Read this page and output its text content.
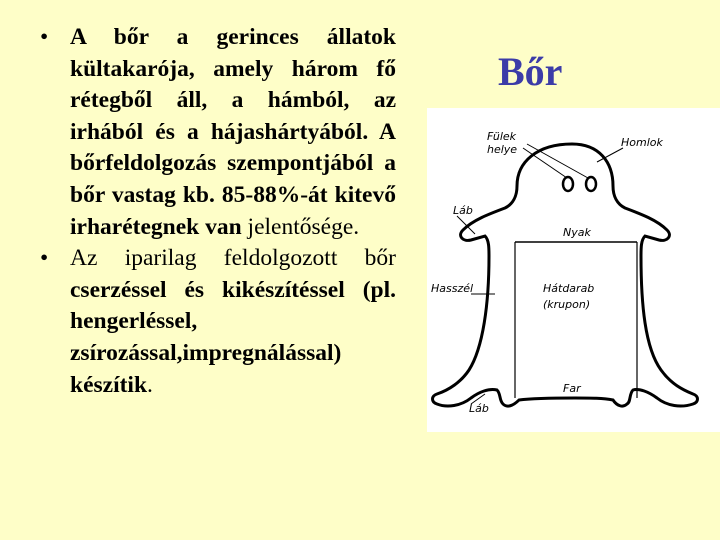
• A bőr a gerinces állatok kültakarója, amely három fő rétegből áll, a hámból, az irhából és a hájashártyából. A bőrfeldolgozás szempontjából a bőr vastag kb. 85-88%-át kitevő irharétegnek van jelentősége.
• Az iparilag feldolgozott bőr cserzéssel és kikészítéssel (pl. hengerléssel, zsírozással,impregnálással) készítik.
Bőr
Fülek
helye
Homlok
Láb
Nyak
Hasszél	Hátdarab
(krupon)
Far
Láb
